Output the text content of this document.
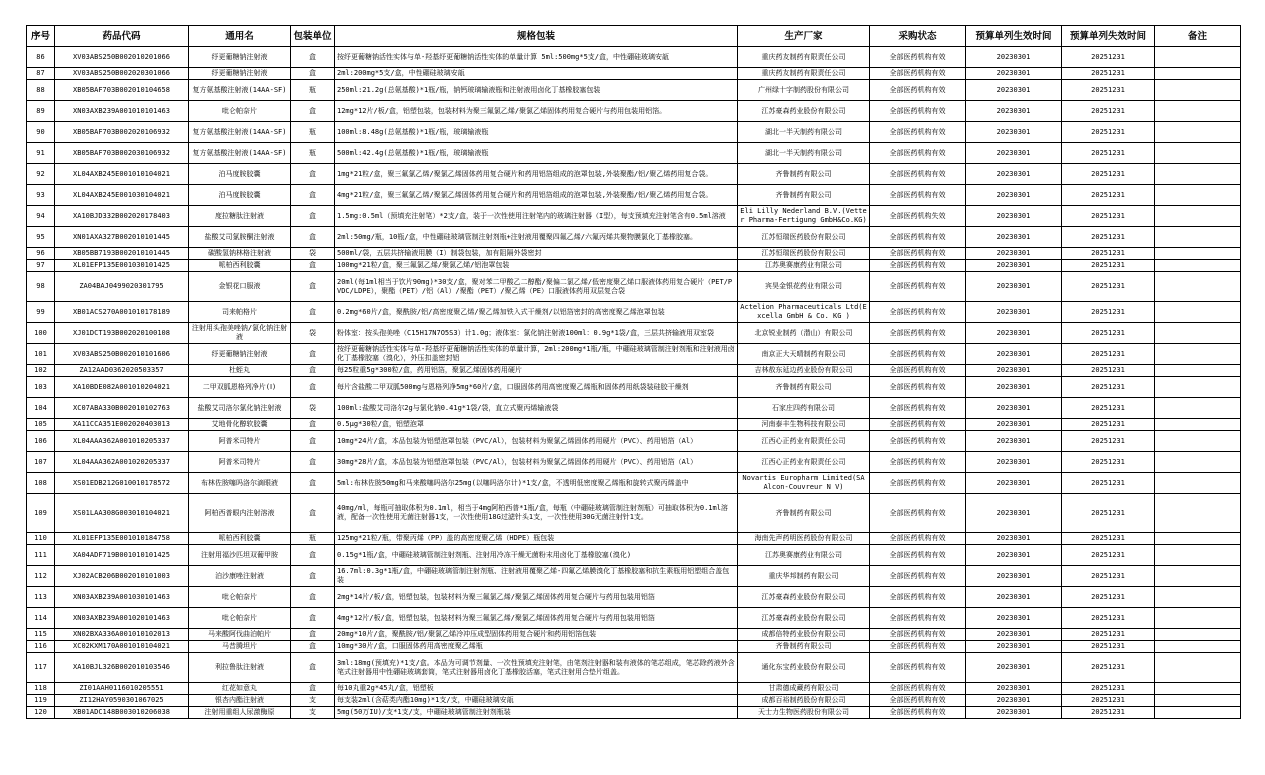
序号	药品代码	通用名	包装单位	规格包装	生产厂家	采购状态	预算单列生效时间	预算单列失效时间	备注

86	XV03ABS250B002010201066	纾更葡糖钠注射液	盒	按纾更葡糖钠活性实体与单-羟基纾更葡糖钠活性实体的单量计算 5ml:500mg*5支/盒，中性硼硅玻璃安瓿	重庆药友制药有限责任公司	全部医药机构有效	20230301	20251231	

87	XV03ABS250B002020301066	纾更葡糖钠注射液	盒	2ml:200mg*5支/盒，中性硼硅玻璃安瓿	重庆药友制药有限责任公司	全部医药机构有效	20230301	20251231	

88	XB05BAF703B002010104658	复方氨基酸注射液(14AA-SF)	瓶	250ml:21.2g(总氨基酸)*1瓶/瓶，钠钙玻璃输液瓶和注射液用卤化丁基橡胶塞包装	广州绿十字制药股份有限公司	全部医药机构有效	20230301	20251231	

89	XN03AXB239A001010101463	吡仑帕奈片	盒	12mg*12片/板/盒，铝塑包装，包装材料为聚三氟氯乙烯/聚氯乙烯固体药用复合硬片与药用包装用铝箔。	江苏豪森药业股份有限公司	全部医药机构有效	20230301	20251231	

90	XB05BAF703B002020106932	复方氨基酸注射液(14AA-SF)	瓶	100ml:8.48g(总氨基酸)*1瓶/瓶，玻璃输液瓶	湖北一半天制药有限公司	全部医药机构有效	20230301	20251231	

91	XB05BAF703B002030106932	复方氨基酸注射液(14AA-SF)	瓶	500ml:42.4g(总氨基酸)*1瓶/瓶，玻璃输液瓶	湖北一半天制药有限公司	全部医药机构有效	20230301	20251231	

92	XL04AXB245E001010104021	泊马度胺胶囊	盒	1mg*21粒/盒，聚三氟氯乙烯/聚氯乙烯固体药用复合硬片和药用铝箔组成的泡罩包装,外装聚酯/铝/聚乙烯药用复合袋。	齐鲁制药有限公司	全部医药机构有效	20230301	20251231	

93	XL04AXB245E001030104021	泊马度胺胶囊	盒	4mg*21粒/盒，聚三氟氯乙烯/聚氯乙烯固体药用复合硬片和药用铝箔组成的泡罩包装,外装聚酯/铝/聚乙烯药用复合袋。	齐鲁制药有限公司	全部医药机构有效	20230301	20251231	

94	XA10BJD332B002020178403	度拉糖肽注射液	盒	1.5mg:0.5ml（预填充注射笔）*2支/盒，装于一次性使用注射笔内的玻璃注射器（I型），每支预填充注射笔含有0.5ml溶液	Eli Lilly Nederland B.V.(Vetter Pharma-Fertigung GmbH&Co.KG)	全部医药机构失效	20230301	20251231	

95	XN01AXA327B002010101445	盐酸艾司氯胺酮注射液	盒	2ml:50mg/瓶，10瓶/盒，中性硼硅玻璃管制注射剂瓶+注射液用覆聚四氟乙烯/六氟丙烯共聚物膜氯化丁基橡胶塞。	江苏恒瑞医药股份有限公司	全部医药机构有效	20230301	20251231	

96	XB05BB7193B002010101445	碳酸氢钠林格注射液	袋	500ml/袋，五层共挤输液用膜（I）制袋包装，加有阻隔外袋密封	江苏恒瑞医药股份有限公司	全部医药机构有效	20230301	20251231	

97	XL01EFP135E001030101425	哌柏西利胶囊	盒	100mg*21粒/盒，聚三氟氯乙烯/聚氯乙烯/铝泡罩包装	江苏奥赛康药业有限公司	全部医药机构有效	20230301	20251231	

98	ZA04BAJ0499020301795	金银花口服液	盒	20ml(每1ml相当于饮片90mg)*30支/盒，聚对苯二甲酸乙二醇酯/聚偏二氯乙烯/低密度聚乙烯口服液体药用复合硬片（PET/PVDC/LDPE），聚酯（PET）/铝（Al）/聚酯（PET）/聚乙烯（PE）口服液体药用双层复合袋	宾昊金银花药业有限公司	全部医药机构有效	20230301	20251231	

99	XB01ACS270A001010178189	司来帕格片	盒	0.2mg*60片/盒，聚酰胺/铝/高密度聚乙烯/聚乙烯加铁入式干燥剂/以铝箔密封的高密度聚乙烯泡罩包装	Actelion Pharmaceuticals Ltd(Excella GmbH & Co. KG )	全部医药机构有效	20230301	20251231	

100	XJ01DCT193B002020100108	注射用头孢美唑钠/氯化钠注射液	袋	粉体室：按头孢美唑（C15H17N7O5S3）计1.0g；液体室：氯化钠注射液100ml：0.9g*1袋/盒，三层共挤输液用双室袋	北京锐业制药（潜山）有限公司	全部医药机构有效	20230301	20251231	

101	XV03ABS250B002010101606	纾更葡糖钠注射液	盒	按纾更葡糖钠活性实体与单-羟基纾更葡糖钠活性实体的单量计算，2ml:200mg*1瓶/瓶，中硼硅玻璃管制注射剂瓶和注射液用卤化丁基橡胶塞（溴化），外压扣盖密封铝	南京正大天晴制药有限公司	全部医药机构有效	20230301	20251231	

102	ZA12AAD0362020503357	杜蛭丸	盒	每25粒重5g*300粒/盒，药用铝箔，聚氯乙烯固体药用硬片	吉林敖东延边药业股份有限公司	全部医药机构有效	20230301	20251231	

103	XA10BDE082A001010204021	二甲双胍恩格列净片(Ⅰ)	盒	每片含盐酸二甲双胍500mg与恩格列净5mg*60片/盒，口服固体药用高密度聚乙烯瓶和固体药用纸袋装硅胶干燥剂	齐鲁制药有限公司	全部医药机构有效	20230301	20251231	

104	XC07ABA330B002010102763	盐酸艾司洛尔氯化钠注射液	袋	100ml:盐酸艾司洛尔2g与氯化钠0.41g*1袋/袋，直立式聚丙烯输液袋	石家庄四药有限公司	全部医药机构有效	20230301	20251231	

105	XA11CCA351E002020403013	艾地骨化醇软胶囊	盒	0.5μg*30粒/盒，铝塑泡罩	河南泰丰生物科技有限公司	全部医药机构有效	20230301	20251231	

106	XL04AAA362A001010205337	阿普米司特片	盒	10mg*24片/盒，本品包装为铝塑泡罩包装（PVC/Al），包装材料为聚氯乙烯固体药用硬片（PVC）、药用铝箔（Al）	江西心正药业有限责任公司	全部医药机构有效	20230301	20251231	

107	XL04AAA362A001020205337	阿普米司特片	盒	30mg*28片/盒，本品包装为铝塑泡罩包装（PVC/Al），包装材料为聚氯乙烯固体药用硬片（PVC）、药用铝箔（Al）	江西心正药业有限责任公司	全部医药机构有效	20230301	20251231	

108	XS01EDB212G010010178572	布林佐胺噻吗洛尔滴眼液	盒	5ml:布林佐胺50mg和马来酸噻吗洛尔25mg(以噻吗洛尔计)*1支/盒，不透明低密度聚乙烯瓶和旋转式聚丙烯盖中	Novartis Europharm Limited(SA Alcon-Couvreur N V)	全部医药机构有效	20230301	20251231	

109	XS01LAA308G003010104021	阿柏西普眼内注射溶液	盒	40mg/ml，每瓶可抽取体积为0.1ml，相当于4mg阿柏西普*1瓶/盒，每瓶（中硼硅玻璃管制注射剂瓶）可抽取体积为0.1ml溶液，配备一次性使用无菌注射器1支，一次性使用18G过滤针头1支，一次性使用30G无菌注射针1支。	齐鲁制药有限公司	全部医药机构有效	20230301	20251231	

110	XL01EFP135E001010184758	哌柏西利胶囊	瓶	125mg*21粒/瓶，带聚丙烯（PP）盖的高密度聚乙烯（HDPE）瓶包装	海南先声药明医药股份有限公司	全部医药机构有效	20230301	20251231	

111	XA04ADF719B001010101425	注射用福沙匹坦双葡甲胺	盒	0.15g*1瓶/盒，中硼硅玻璃管制注射剂瓶、注射用冷冻干燥无菌粉末用卤化丁基橡胶塞(溴化)	江苏奥赛康药业有限公司	全部医药机构有效	20230301	20251231	

112	XJ02ACB206B002010101003	泊沙康唑注射液	盒	16.7ml:0.3g*1瓶/盒，中硼硅玻璃管制注射剂瓶、注射液用覆聚乙烯-四氟乙烯膜溴化丁基橡胶塞和抗生素瓶用铝塑组合盖包装	重庆华邦制药有限公司	全部医药机构有效	20230301	20251231	

113	XN03AXB239A001030101463	吡仑帕奈片	盒	2mg*14片/板/盒，铝塑包装，包装材料为聚三氟氯乙烯/聚氯乙烯固体药用复合硬片与药用包装用铝箔	江苏豪森药业股份有限公司	全部医药机构有效	20230301	20251231	

114	XN03AXB239A001020101463	吡仑帕奈片	盒	4mg*12片/板/盒，铝塑包装，包装材料为聚三氟氯乙烯/聚氯乙烯固体药用复合硬片与药用包装用铝箔	江苏豪森药业股份有限公司	全部医药机构有效	20230301	20251231	

115	XN02BXA336A001010102013	马来酸阿伐曲泊帕片	盒	20mg*10片/盒，聚酰胺/铝/聚氯乙烯冷冲压成型固体药用复合硬片和药用铝箔包装	成都倍特药业股份有限公司	全部医药机构有效	20230301	20251231	

116	XC02KXM170A001010104021	马昔腾坦片	盒	10mg*30片/盒，口服固体药用高密度聚乙烯瓶	齐鲁制药有限公司	全部医药机构有效	20230301	20251231	

117	XA10BJL326B002010103546	利拉鲁肽注射液	盒	3ml:18mg(预填充)*1支/盒。本品为可调节剂量、一次性预填充注射笔，由笔剂注射器和装有液体的笔芯组成，笔芯除药液外含笔式注射器用中性硼硅玻璃套筒，笔式注射器用卤化丁基橡胶活塞，笔式注射用合垫片组盖。	通化东宝药业股份有限公司	全部医药机构有效	20230301	20251231	

118	ZI01AAH0116010205551	红花如意丸	盒	每10丸重2g*45丸/盒，铝塑板	甘肃德成藏药有限公司	全部医药机构有效	20230301	20251231	

119	ZI12HAY0590301067025	银杏内酯注射液	支	每支装2ml(含萜类内酯10mg)*1支/支，中硼硅玻璃安瓿	成都百裕制药股份有限公司	全部医药机构有效	20230301	20251231	

120	XB01ADC148B003010206038	注射用重组人尿激酶原	支	5mg(50万IU)/支*1支/支，中硼硅玻璃管制注射剂瓶装	天士力生物医药股份有限公司	全部医药机构有效	20230301	20251231	
